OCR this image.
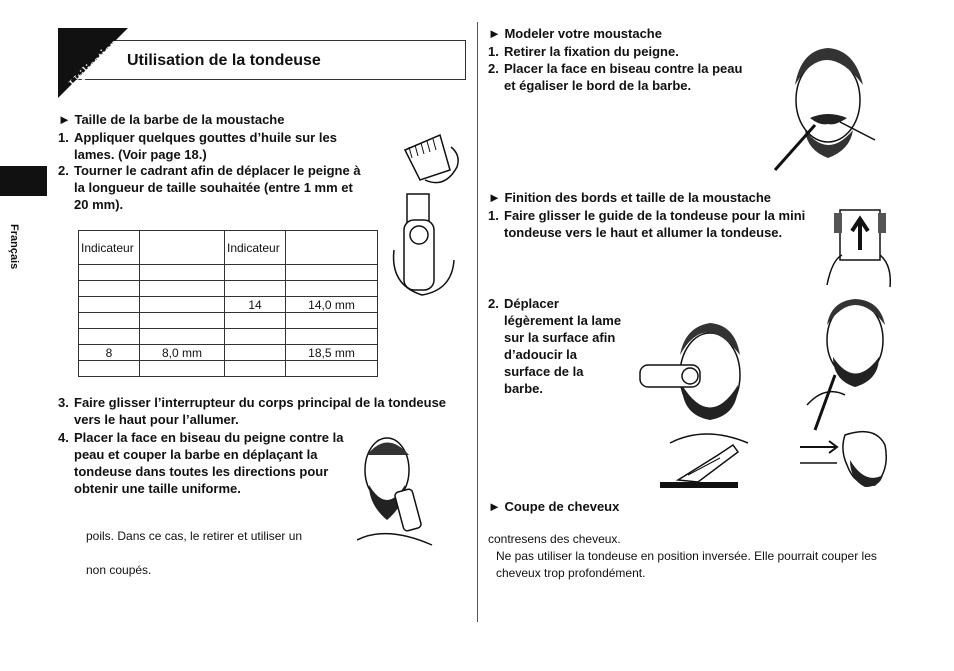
Utilisation Utilisation de la tondeuse
Français
► Taille de la barbe de la moustache
1. Appliquer quelques gouttes d’huile sur les
lames. (Voir page 18.)
2. Tourner le cadrant afin de déplacer le peigne à
la longueur de taille souhaitée (entre 1 mm et
20 mm).
Indicateur		Indicateur	

		14	14,0 mm

8	8,0 mm		18,5 mm

3. Faire glisser l’interrupteur du corps principal de la tondeuse
vers le haut pour l’allumer.
4. Placer la face en biseau du peigne contre la
peau et couper la barbe en déplaçant la
tondeuse dans toutes les directions pour
obtenir une taille uniforme.
poils. Dans ce cas, le retirer et utiliser un
non coupés.
► Modeler votre moustache
1. Retirer la fixation du peigne.
2. Placer la face en biseau contre la peau
et égaliser le bord de la barbe.
► Finition des bords et taille de la moustache
1. Faire glisser le guide de la tondeuse pour la mini
tondeuse vers le haut et allumer la tondeuse.
2. Déplacer
légèrement la lame
sur la surface afin
d’adoucir la
surface de la
barbe.
► Coupe de cheveux
contresens des cheveux.
Ne pas utiliser la tondeuse en position inversée. Elle pourrait couper les
cheveux trop profondément.
